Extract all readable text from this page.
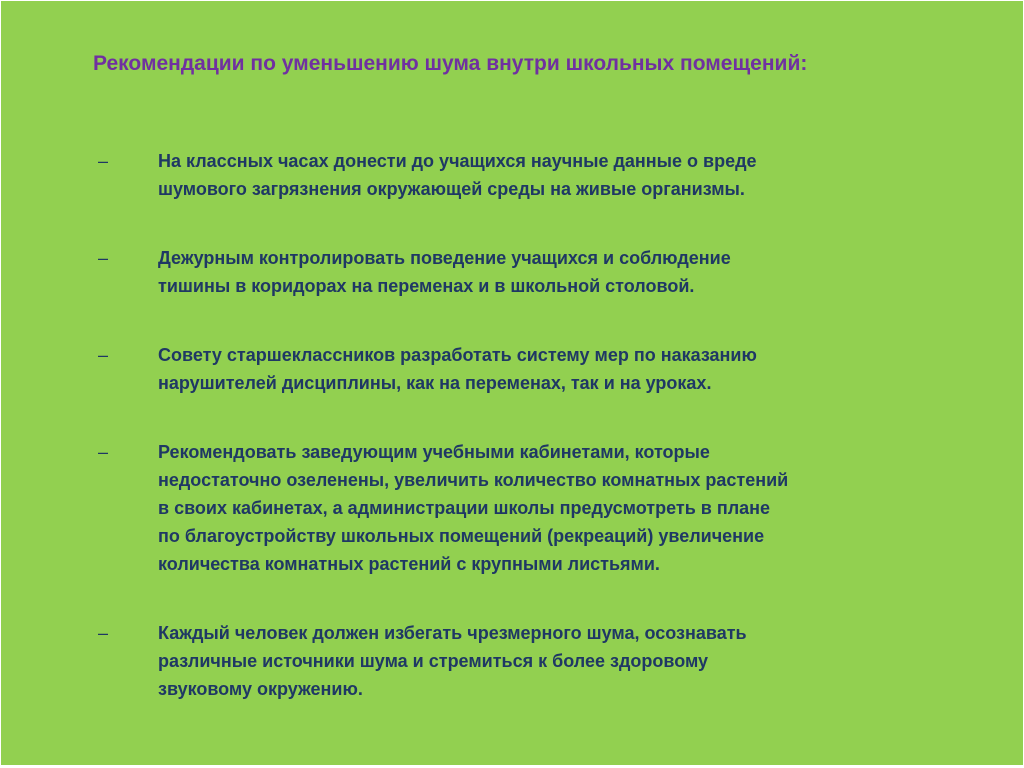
Рекомендации по уменьшению шума внутри школьных помещений:
–	На классных часах донести до учащихся научные данные о вреде
шумового загрязнения окружающей среды на живые организмы.
–	Дежурным контролировать поведение учащихся и соблюдение
тишины в коридорах на переменах и в школьной столовой.
–	Совету старшеклассников разработать систему мер по наказанию
нарушителей дисциплины, как на переменах, так и на уроках.
–	Рекомендовать заведующим учебными кабинетами, которые
недостаточно озеленены, увеличить количество комнатных растений
в своих кабинетах, а администрации школы предусмотреть в плане
по благоустройству школьных помещений (рекреаций) увеличение
количества комнатных растений с крупными листьями.
–	Каждый человек должен избегать чрезмерного шума, осознавать
различные источники шума и стремиться к более здоровому
звуковому окружению.
